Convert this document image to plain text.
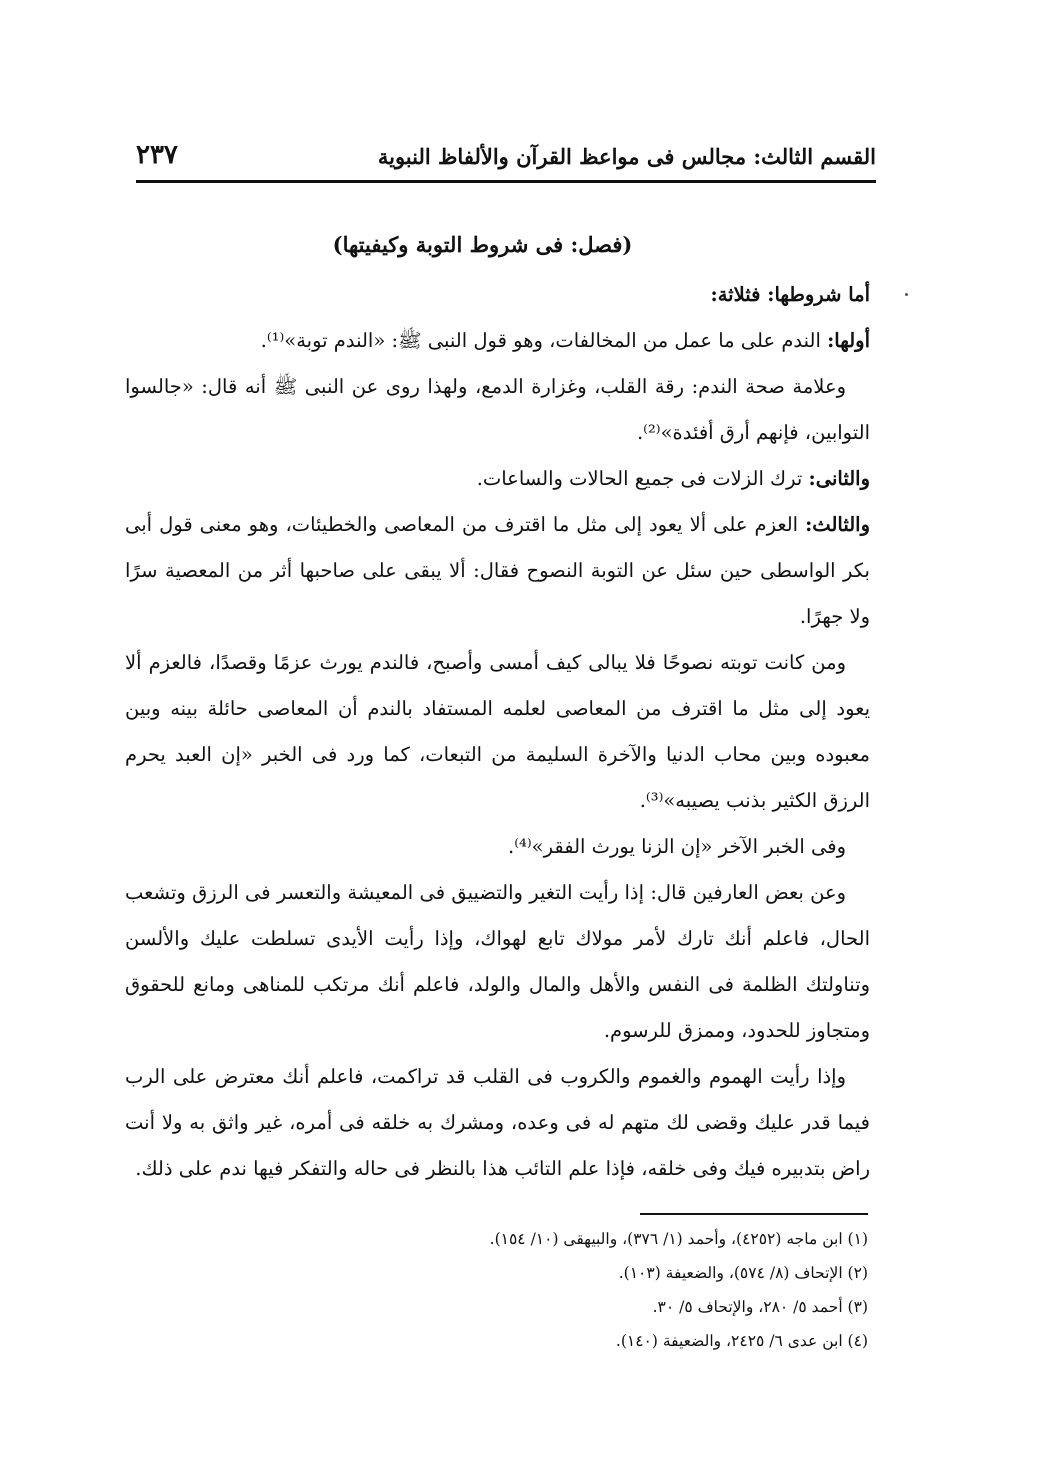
القسم الثالث: مجالس فى مواعظ القرآن والألفاظ النبوية
٢٣٧

(فصل: فى شروط التوبة وكيفيتها)

أما شروطها: فثلاثة:

أولها: الندم على ما عمل من المخالفات، وهو قول النبى ﷺ: «الندم توبة»⁽¹⁾.

وعلامة صحة الندم: رقة القلب، وغزارة الدمع، ولهذا روى عن النبى ﷺ أنه قال: «جالسوا التوابين، فإنهم أرق أفئدة»⁽²⁾.

والثانى: ترك الزلات فى جميع الحالات والساعات.

والثالث: العزم على ألا يعود إلى مثل ما اقترف من المعاصى والخطيئات، وهو معنى قول أبى بكر الواسطى حين سئل عن التوبة النصوح فقال: ألا يبقى على صاحبها أثر من المعصية سرًا ولا جهرًا.

ومن كانت توبته نصوحًا فلا يبالى كيف أمسى وأصبح، فالندم يورث عزمًا وقصدًا، فالعزم ألا يعود إلى مثل ما اقترف من المعاصى لعلمه المستفاد بالندم أن المعاصى حائلة بينه وبين معبوده وبين محاب الدنيا والآخرة السليمة من التبعات، كما ورد فى الخبر «إن العبد يحرم الرزق الكثير بذنب يصيبه»⁽³⁾.

وفى الخبر الآخر «إن الزنا يورث الفقر»⁽⁴⁾.

وعن بعض العارفين قال: إذا رأيت التغير والتضييق فى المعيشة والتعسر فى الرزق وتشعب الحال، فاعلم أنك تارك لأمر مولاك تابع لهواك، وإذا رأيت الأيدى تسلطت عليك والألسن وتناولتك الظلمة فى النفس والأهل والمال والولد، فاعلم أنك مرتكب للمناهى ومانع للحقوق ومتجاوز للحدود، وممزق للرسوم.

وإذا رأيت الهموم والغموم والكروب فى القلب قد تراكمت، فاعلم أنك معترض على الرب فيما قدر عليك وقضى لك متهم له فى وعده، ومشرك به خلقه فى أمره، غير واثق به ولا أنت راض بتدبيره فيك وفى خلقه، فإذا علم التائب هذا بالنظر فى حاله والتفكر فيها ندم على ذلك.

(١) ابن ماجه (٤٢٥٢)، وأحمد (١/ ٣٧٦)، والبيهقى (١٠/ ١٥٤).

(٢) الإتحاف (٨/ ٥٧٤)، والضعيفة (١٠٣).

(٣) أحمد ٥/ ٢٨٠، والإتحاف ٥/ ٣٠.

(٤) ابن عدى ٦/ ٢٤٢٥، والضعيفة (١٤٠).
